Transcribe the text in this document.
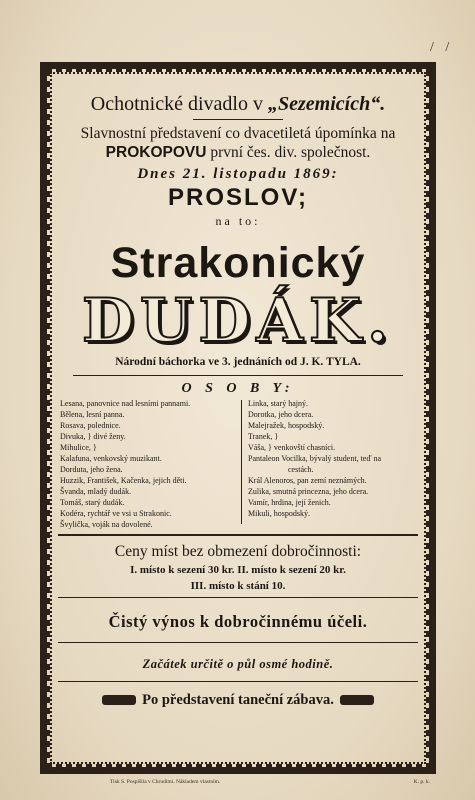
/ /
Ochotnické divadlo v „Sezemicích“.
Slavnostní představení co dvacetiletá úpomínka na
PROKOPOVU první čes. div. společnost.
Dnes 21. listopadu 1869:
PROSLOV;
na to:
Strakonický
DUDÁK.
Národní báchorka ve 3. jednáních od J. K. TYLA.
O S O B Y:
Lesana, panovnice nad lesními pannami.
Bělena, lesní panna.
Rosava, polednice.
Divuka, } divé ženy.
Mihulice, }
Kalafuna, venkovský muzikant.
Dorduta, jeho žena.
Huzzik, František, Kačenka, jejich děti.
Švanda, mladý dudák.
Tomáš, starý dudák.
Kodéra, rychtář ve vsi u Strakonic.
Švylička, voják na dovolené.
Linka, starý hajný.
Dorotka, jeho dcera.
Malejražek, hospodský.
Tranek, }
Váša, } venkovští chasníci.
Pantaleon Vocilka, bývalý student, teď na
cestách.
Král Alenoros, pan zemí neznámých.
Zulika, smutná princezna, jeho dcera.
Vamír, hrdina, její ženich.
Mikuli, hospodský.
Ceny míst bez obmezení dobročinnosti:
I. místo k sezení 30 kr. II. místo k sezení 20 kr.
III. místo k stání 10.
Čistý výnos k dobročinnému účeli.
Začátek určitě o půl osmé hodině.
Po představení taneční zábava.
Tisk S. Pospíšila v Chrudimi. Nákladem vlastním.	K. p. k.
